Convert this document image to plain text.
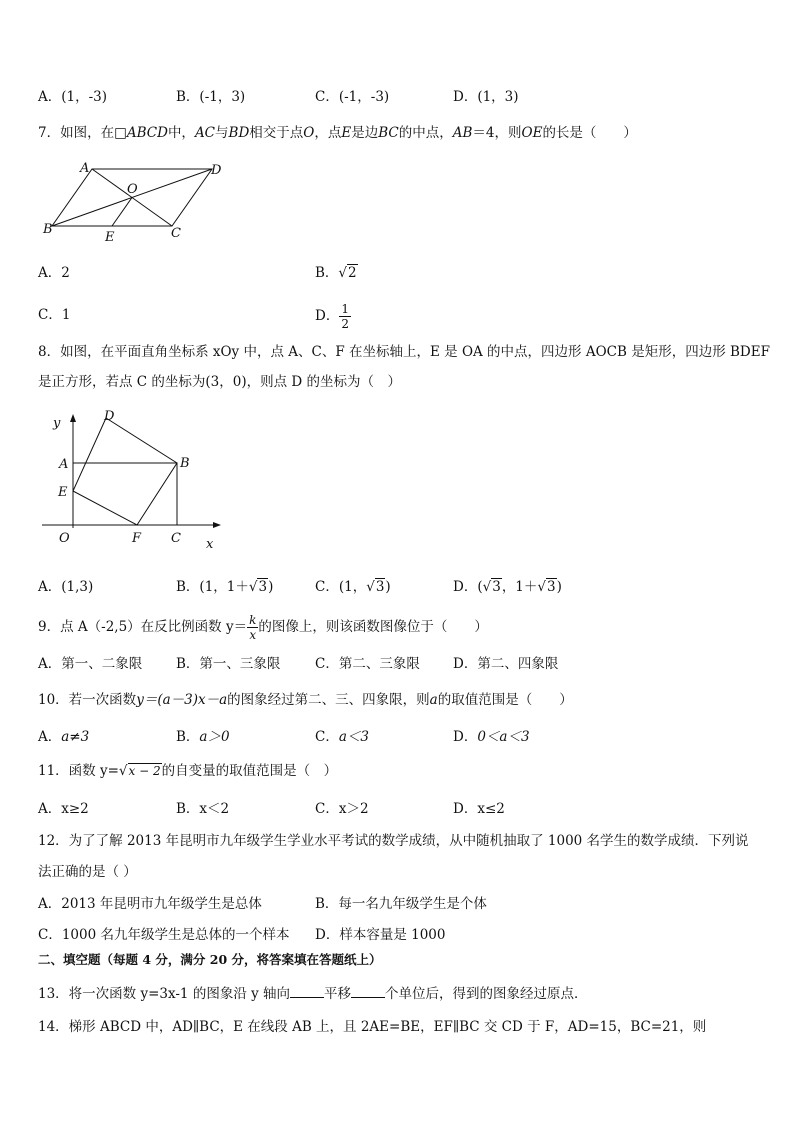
A．(1，-3)	B．(-1，3)	C．(-1，-3)	D．(1，3)
7．如图，在□ABCD中，AC与BD相交于点O，点E是边BC的中点，AB＝4，则OE的长是（　　）
A	D
O
B
E	C
A．2	B．√2
C．1	D． $\frac{1}{2}$
8．如图，在平面直角坐标系 xOy 中，点 A、C、F 在坐标轴上，E 是 OA 的中点，四边形 AOCB 是矩形，四边形 BDEF
是正方形，若点 C 的坐标为(3，0)，则点 D 的坐标为（　）
y	D
A	B
E
O	F C x
A．(1,3)	B．(1，1＋√3)	C．(1，√3)	D．(√3，1＋√3)
9．点 A（-2,5）在反比例函数 $y= \frac{k}{x}$ 的图像上，则该函数图像位于（　　）
A．第一、二象限	B．第一、三象限	C．第二、三象限 D．第二、四象限
10．若一次函数y＝(a－3)x－a的图象经过第二、三、四象限，则a的取值范围是（　　）
A．a≠3	B．a＞0	C．a＜3	D．0＜a＜3
11．函数 y=√x − 2的自变量的取值范围是（　）
A．x≥2	B．x＜2	C．x＞2	D．x≤2
12．为了了解 2013 年昆明市九年级学生学业水平考试的数学成绩，从中随机抽取了 1000 名学生的数学成绩．下列说
法正确的是（ ）
A．2013 年昆明市九年级学生是总体	B．每一名九年级学生是个体
C．1000 名九年级学生是总体的一个样本 D．样本容量是 1000
二、填空题（每题 4 分，满分 20 分，将答案填在答题纸上）
13．将一次函数 y=3x-1 的图象沿 y 轴向	平移	个单位后，得到的图象经过原点．
14．梯形 ABCD 中，AD∥BC，E 在线段 AB 上，且 2AE=BE，EF∥BC 交 CD 于 F，AD=15，BC=21，则
